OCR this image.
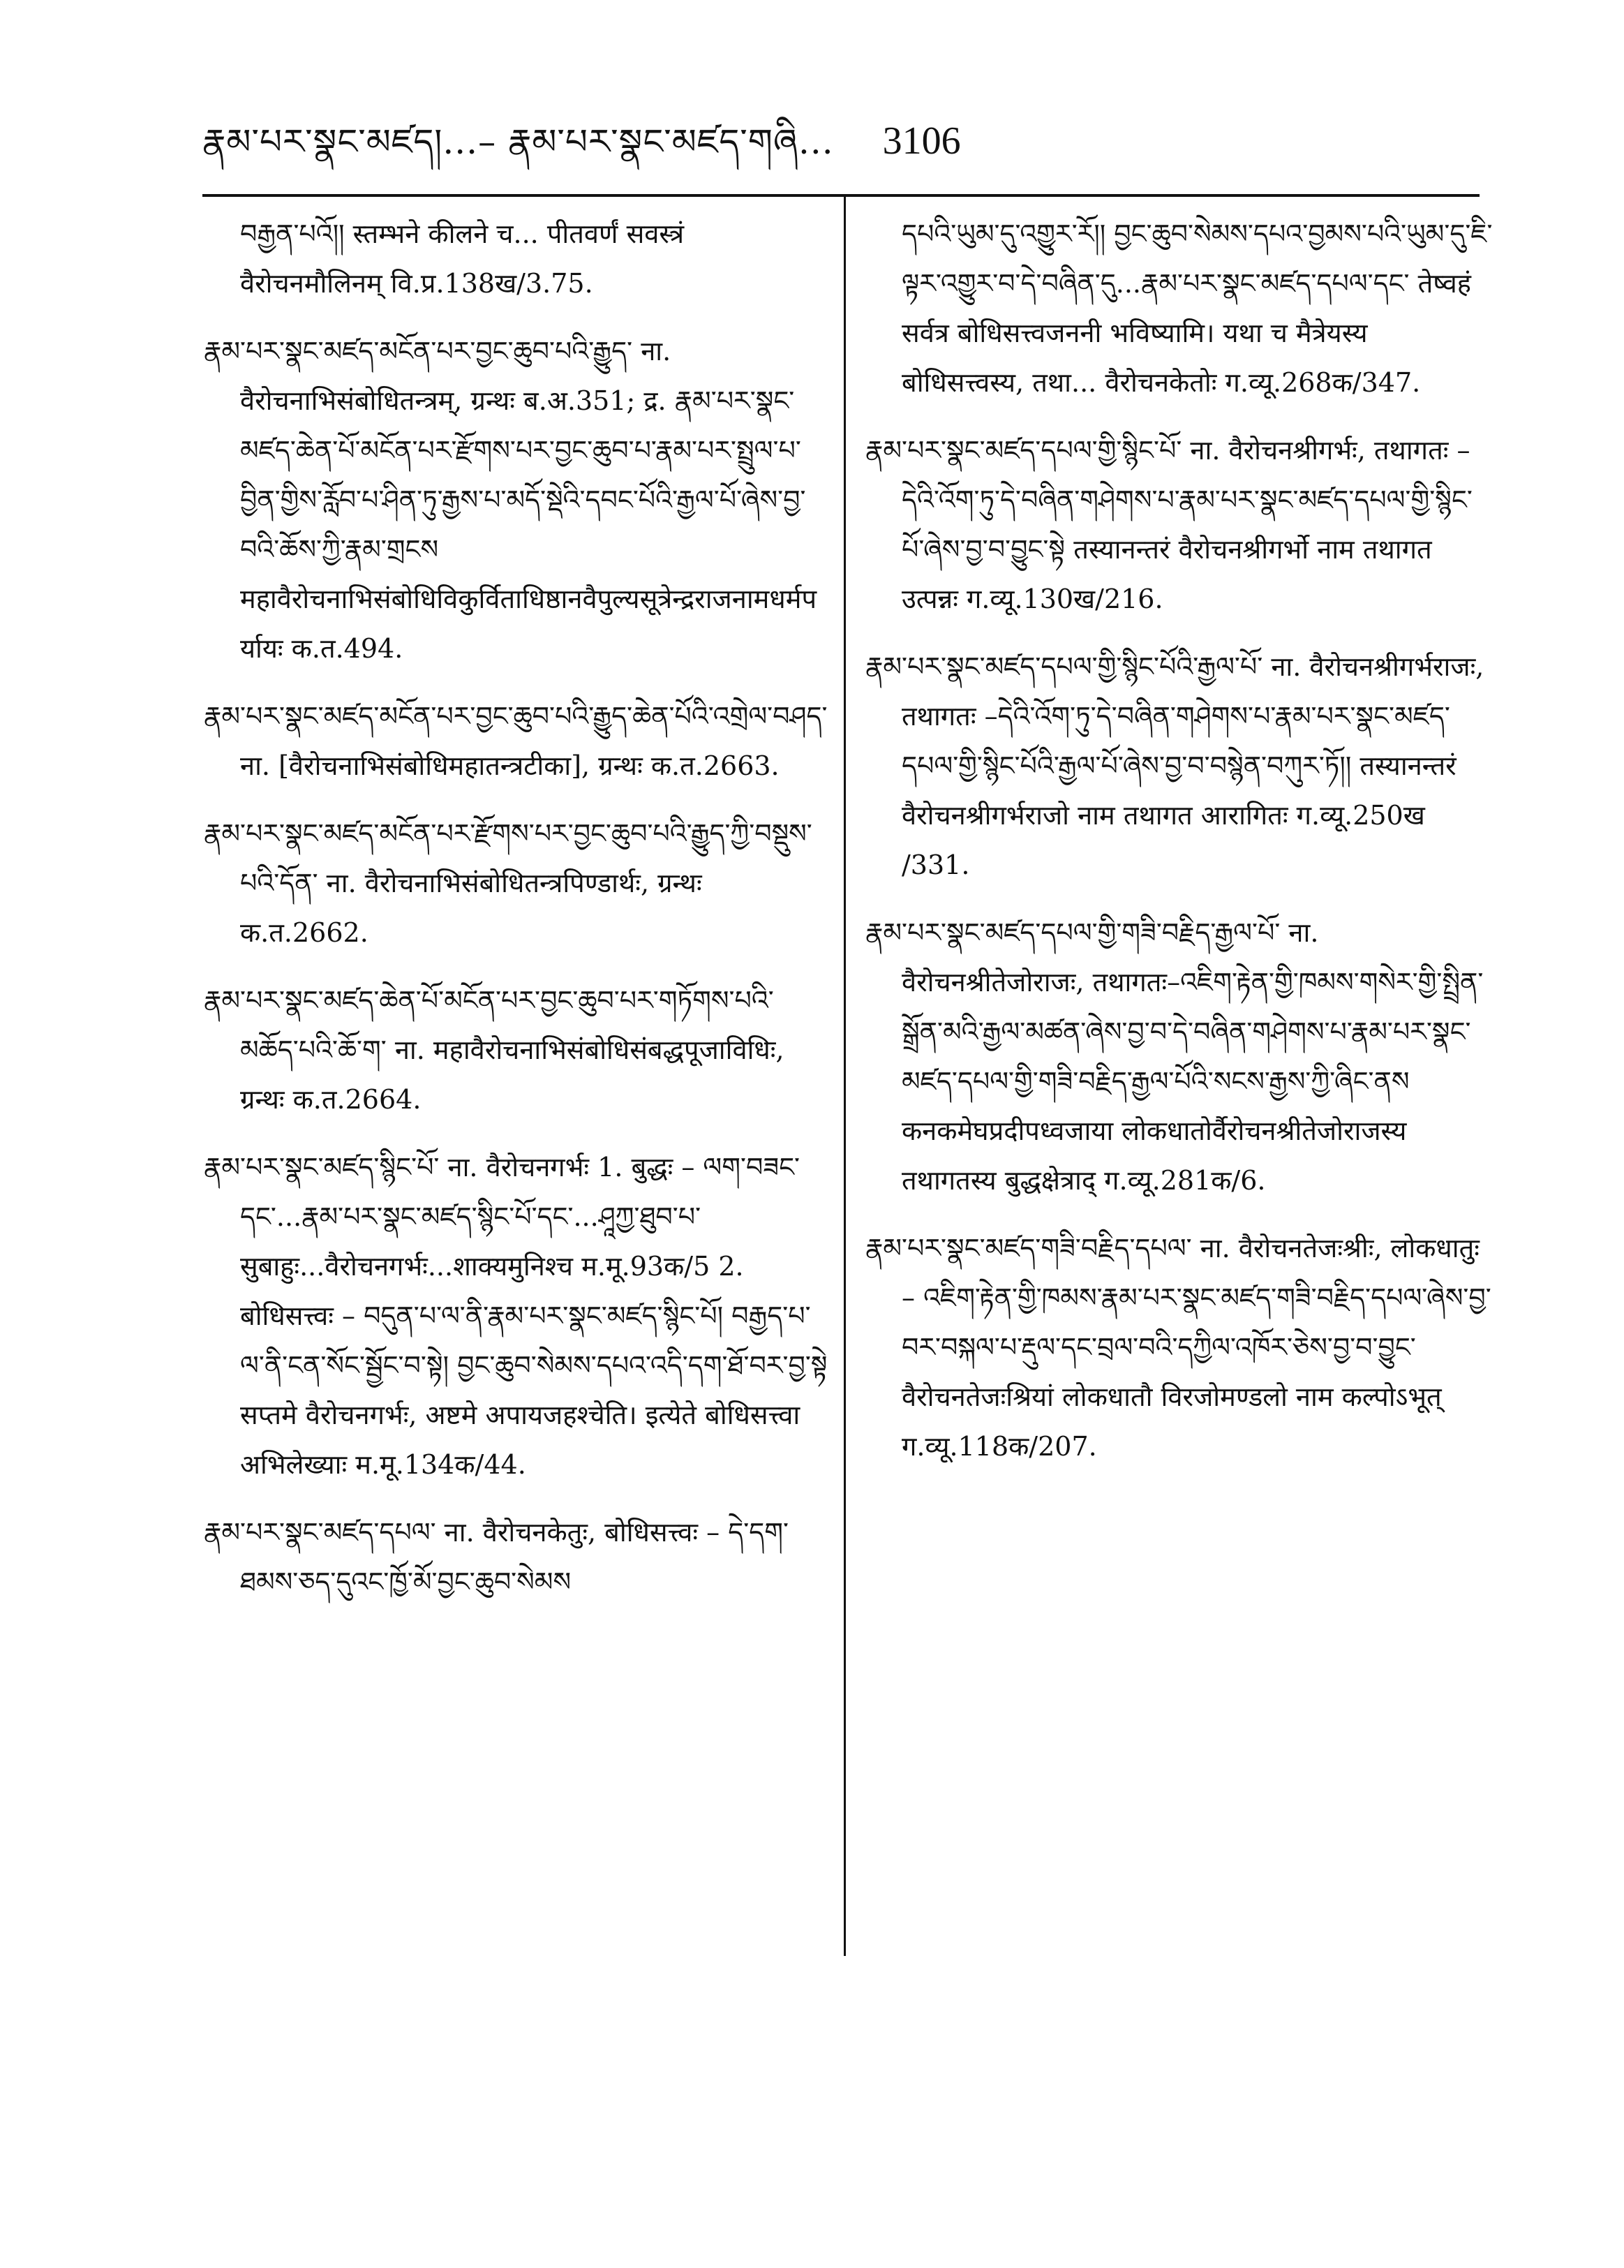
རྣམ་པར་སྣང་མཛད།...– རྣམ་པར་སྣང་མཛད་གཞི... 3106

བརྒྱན་པའོ།། स्तम्भने कीलने च... पीतवर्णं सवस्त्रं वैरोचनमौलिनम् वि.प्र.138ख/3.75.

རྣམ་པར་སྣང་མཛད་མངོན་པར་བྱང་ཆུབ་པའི་རྒྱུད་ ना. वैरोचनाभिसंबोधितन्त्रम्, ग्रन्थः ब.अ.351; द्र. རྣམ་པར་སྣང་མཛད་ཆེན་པོ་མངོན་པར་རྫོགས་པར་བྱང་ཆུབ་པ་རྣམ་པར་སྤྲུལ་པ་བྱིན་གྱིས་རློབ་པ་ཤིན་ཏུ་རྒྱས་པ་མདོ་སྡེའི་དབང་པོའི་རྒྱལ་པོ་ཞེས་བྱ་བའི་ཆོས་ཀྱི་རྣམ་གྲངས महावैरोचनाभिसंबोधिविकुर्विताधिष्ठानवैपुल्यसूत्रेन्द्रराजनामधर्मपर्यायः क.त.494.

རྣམ་པར་སྣང་མཛད་མངོན་པར་བྱང་ཆུབ་པའི་རྒྱུད་ཆེན་པོའི་འགྲེལ་བཤད་ ना. [वैरोचनाभिसंबोधिमहातन्त्रटीका], ग्रन्थः क.त.2663.

རྣམ་པར་སྣང་མཛད་མངོན་པར་རྫོགས་པར་བྱང་ཆུབ་པའི་རྒྱུད་ཀྱི་བསྡུས་པའི་དོན་ ना. वैरोचनाभिसंबोधितन्त्रपिण्डार्थः, ग्रन्थः क.त.2662.

རྣམ་པར་སྣང་མཛད་ཆེན་པོ་མངོན་པར་བྱང་ཆུབ་པར་གཏོགས་པའི་མཆོད་པའི་ཆོ་ག་ ना. महावैरोचनाभिसंबोधिसंबद्धपूजाविधिः, ग्रन्थः क.त.2664.

རྣམ་པར་སྣང་མཛད་སྙིང་པོ་ ना. वैरोचनगर्भः 1. बुद्धः – ལག་བཟང་དང་...རྣམ་པར་སྣང་མཛད་སྙིང་པོ་དང་...ཤཱཀྱ་ཐུབ་པ་ सुबाहुः...वैरोचनगर्भः...शाक्यमुनिश्च म.मू.93क/5 2. बोधिसत्त्वः – བདུན་པ་ལ་ནི་རྣམ་པར་སྣང་མཛད་སྙིང་པོ། བརྒྱད་པ་ལ་ནི་ངན་སོང་སྦྱོང་བ་སྟེ། བྱང་ཆུབ་སེམས་དཔའ་འདི་དག་ཐོ་བར་བྱ་སྟེ सप्तमे वैरोचनगर्भः, अष्टमे अपायजहश्चेति। इत्येते बोधिसत्त्वा अभिलेख्याः म.मू.134क/44.

རྣམ་པར་སྣང་མཛད་དཔལ་ ना. वैरोचनकेतुः, बोधिसत्त्वः – དེ་དག་ཐམས་ཅད་དུའང་ཁྱོ་མོ་བྱང་ཆུབ་སེམས

དཔའི་ཡུམ་དུ་འགྱུར་རོ།། བྱང་ཆུབ་སེམས་དཔའ་བྱམས་པའི་ཡུམ་དུ་ཇི་ལྟར་འགྱུར་བ་དེ་བཞིན་དུ...རྣམ་པར་སྣང་མཛད་དཔལ་དང་ तेष्वहं सर्वत्र बोधिसत्त्वजननी भविष्यामि। यथा च मैत्रेयस्य बोधिसत्त्वस्य, तथा... वैरोचनकेतोः ग.व्यू.268क/347.

རྣམ་པར་སྣང་མཛད་དཔལ་གྱི་སྙིང་པོ་ ना. वैरोचनश्रीगर्भः, तथागतः – དེའི་འོག་ཏུ་དེ་བཞིན་གཤེགས་པ་རྣམ་པར་སྣང་མཛད་དཔལ་གྱི་སྙིང་པོ་ཞེས་བྱ་བ་བྱུང་སྟེ तस्यानन्तरं वैरोचनश्रीगर्भो नाम तथागत उत्पन्नः ग.व्यू.130ख/216.

རྣམ་པར་སྣང་མཛད་དཔལ་གྱི་སྙིང་པོའི་རྒྱལ་པོ་ ना. वैरोचनश्रीगर्भराजः, तथागतः –དེའི་འོག་ཏུ་དེ་བཞིན་གཤེགས་པ་རྣམ་པར་སྣང་མཛད་དཔལ་གྱི་སྙིང་པོའི་རྒྱལ་པོ་ཞེས་བྱ་བ་བསྙེན་བཀུར་ཏོ།། तस्यानन्तरं वैरोचनश्रीगर्भराजो नाम तथागत आरागितः ग.व्यू.250ख /331.

རྣམ་པར་སྣང་མཛད་དཔལ་གྱི་གཟི་བརྗིད་རྒྱལ་པོ་ ना. वैरोचनश्रीतेजोराजः, तथागतः–འཇིག་རྟེན་གྱི་ཁམས་གསེར་གྱི་སྤྲིན་སྒྲོན་མའི་རྒྱལ་མཚན་ཞེས་བྱ་བ་དེ་བཞིན་གཤེགས་པ་རྣམ་པར་སྣང་མཛད་དཔལ་གྱི་གཟི་བརྗིད་རྒྱལ་པོའི་སངས་རྒྱས་ཀྱི་ཞིང་ནས कनकमेघप्रदीपध्वजाया लोकधातोर्वैरोचनश्रीतेजोराजस्य तथागतस्य बुद्धक्षेत्राद् ग.व्यू.281क/6.

རྣམ་པར་སྣང་མཛད་གཟི་བརྗིད་དཔལ་ ना. वैरोचनतेजःश्रीः, लोकधातुः – འཇིག་རྟེན་གྱི་ཁམས་རྣམ་པར་སྣང་མཛད་གཟི་བརྗིད་དཔལ་ཞེས་བྱ་བར་བསྐལ་པ་རྡུལ་དང་བྲལ་བའི་དཀྱིལ་འཁོར་ཅེས་བྱ་བ་བྱུང་ वैरोचनतेजःश्रियां लोकधातौ विरजोमण्डलो नाम कल्पोऽभूत् ग.व्यू.118क/207.
